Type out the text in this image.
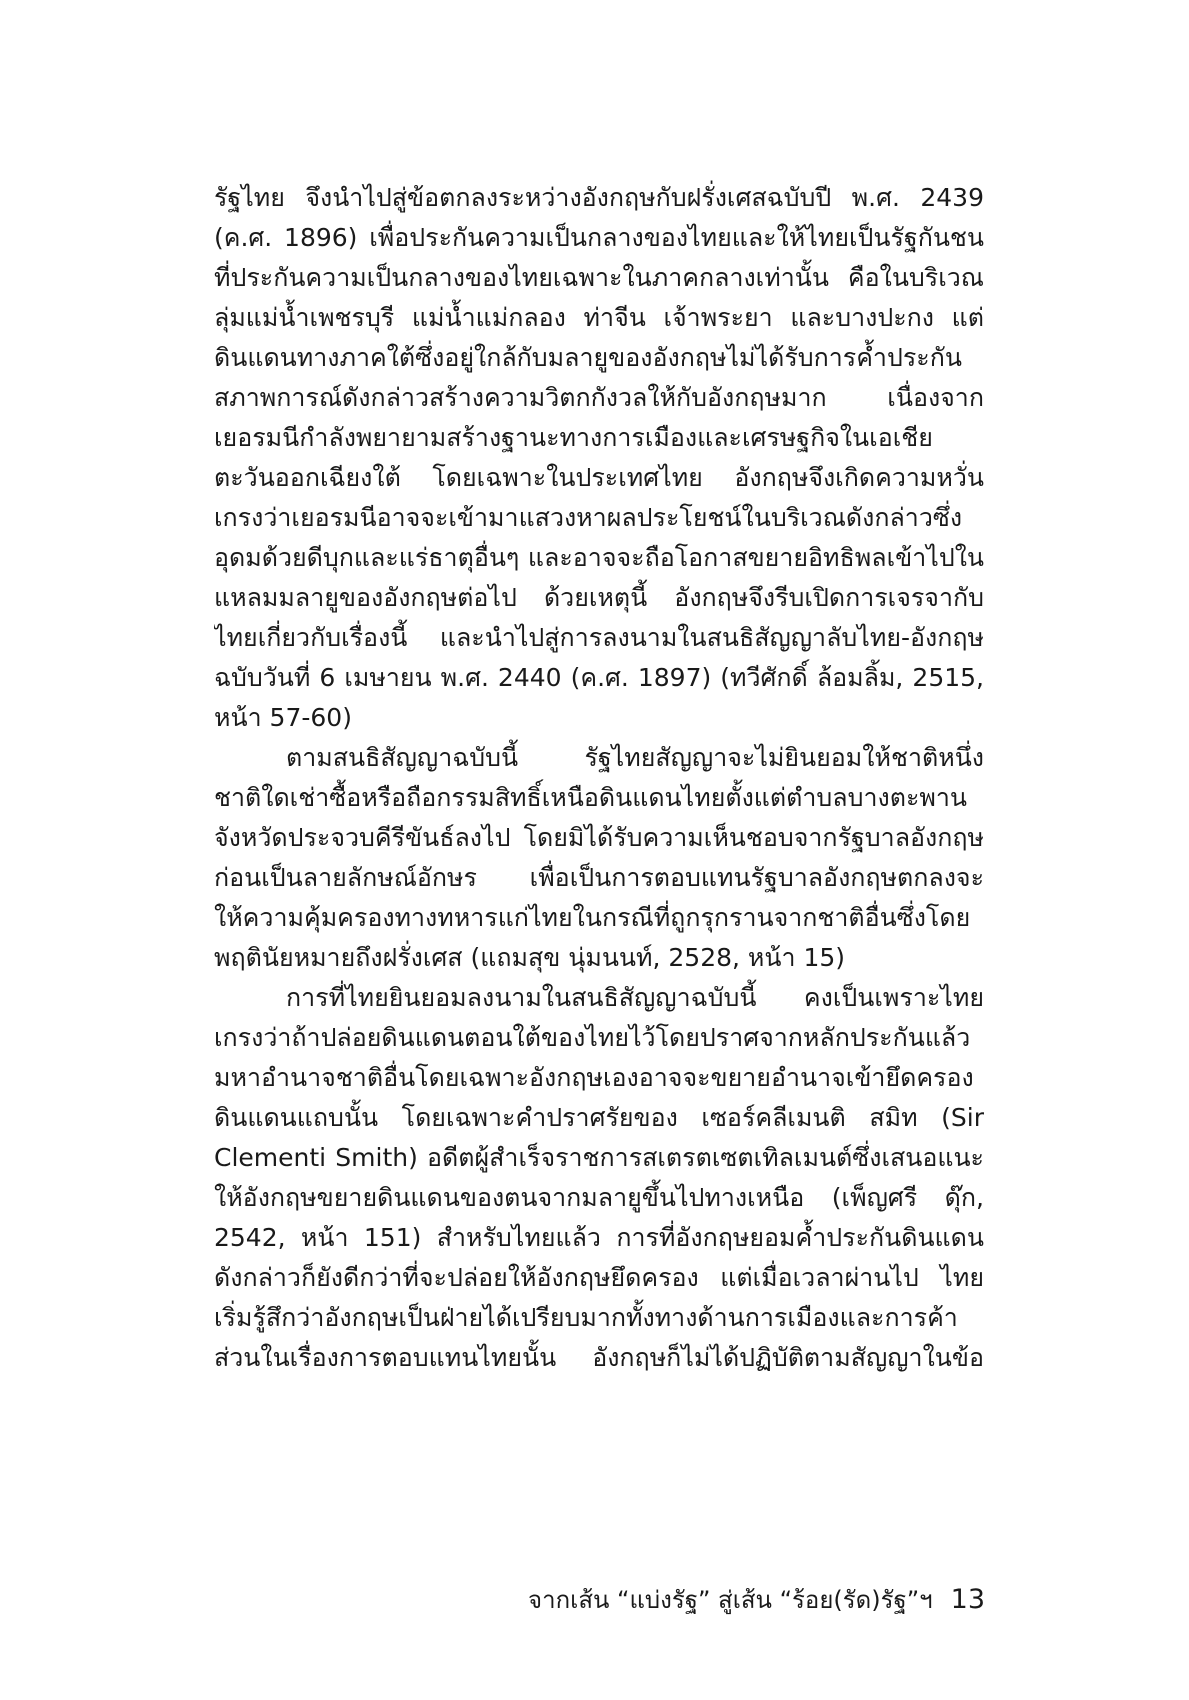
รัฐไทย จึงนำไปสู่ข้อตกลงระหว่างอังกฤษกับฝรั่งเศสฉบับปี พ.ศ. 2439
(ค.ศ. 1896) เพื่อประกันความเป็นกลางของไทยและให้ไทยเป็นรัฐกันชน
ที่ประกันความเป็นกลางของไทยเฉพาะในภาคกลางเท่านั้น คือในบริเวณ
ลุ่มแม่น้ำเพชรบุรี แม่น้ำแม่กลอง ท่าจีน เจ้าพระยา และบางปะกง แต่
ดินแดนทางภาคใต้ซึ่งอยู่ใกล้กับมลายูของอังกฤษไม่ได้รับการค้ำประกัน
สภาพการณ์ดังกล่าวสร้างความวิตกกังวลให้กับอังกฤษมาก เนื่องจาก
เยอรมนีกำลังพยายามสร้างฐานะทางการเมืองและเศรษฐกิจในเอเชีย
ตะวันออกเฉียงใต้ โดยเฉพาะในประเทศไทย อังกฤษจึงเกิดความหวั่น
เกรงว่าเยอรมนีอาจจะเข้ามาแสวงหาผลประโยชน์ในบริเวณดังกล่าวซึ่ง
อุดมด้วยดีบุกและแร่ธาตุอื่นๆ และอาจจะถือโอกาสขยายอิทธิพลเข้าไปใน
แหลมมลายูของอังกฤษต่อไป ด้วยเหตุนี้ อังกฤษจึงรีบเปิดการเจรจากับ
ไทยเกี่ยวกับเรื่องนี้ และนำไปสู่การลงนามในสนธิสัญญาลับไทย-อังกฤษ
ฉบับวันที่ 6 เมษายน พ.ศ. 2440 (ค.ศ. 1897) (ทวีศักดิ์ ล้อมลิ้ม, 2515,
หน้า 57-60)
ตามสนธิสัญญาฉบับนี้ รัฐไทยสัญญาจะไม่ยินยอมให้ชาติหนึ่ง
ชาติใดเช่าซื้อหรือถือกรรมสิทธิ์เหนือดินแดนไทยตั้งแต่ตำบลบางตะพาน
จังหวัดประจวบคีรีขันธ์ลงไป โดยมิได้รับความเห็นชอบจากรัฐบาลอังกฤษ
ก่อนเป็นลายลักษณ์อักษร เพื่อเป็นการตอบแทนรัฐบาลอังกฤษตกลงจะ
ให้ความคุ้มครองทางทหารแก่ไทยในกรณีที่ถูกรุกรานจากชาติอื่นซึ่งโดย
พฤตินัยหมายถึงฝรั่งเศส (แถมสุข นุ่มนนท์, 2528, หน้า 15)
การที่ไทยยินยอมลงนามในสนธิสัญญาฉบับนี้ คงเป็นเพราะไทย
เกรงว่าถ้าปล่อยดินแดนตอนใต้ของไทยไว้โดยปราศจากหลักประกันแล้ว
มหาอำนาจชาติอื่นโดยเฉพาะอังกฤษเองอาจจะขยายอำนาจเข้ายึดครอง
ดินแดนแถบนั้น โดยเฉพาะคำปราศรัยของ เซอร์คลีเมนติ สมิท (Sir
Clementi Smith) อดีตผู้สำเร็จราชการสเตรตเซตเทิลเมนต์ซึ่งเสนอแนะ
ให้อังกฤษขยายดินแดนของตนจากมลายูขึ้นไปทางเหนือ (เพ็ญศรี ดุ๊ก,
2542, หน้า 151) สำหรับไทยแล้ว การที่อังกฤษยอมค้ำประกันดินแดน
ดังกล่าวก็ยังดีกว่าที่จะปล่อยให้อังกฤษยึดครอง แต่เมื่อเวลาผ่านไป ไทย
เริ่มรู้สึกว่าอังกฤษเป็นฝ่ายได้เปรียบมากทั้งทางด้านการเมืองและการค้า
ส่วนในเรื่องการตอบแทนไทยนั้น อังกฤษก็ไม่ได้ปฏิบัติตามสัญญาในข้อ
จากเส้น “แบ่งรัฐ” สู่เส้น “ร้อย(รัด)รัฐ”ฯ 13
